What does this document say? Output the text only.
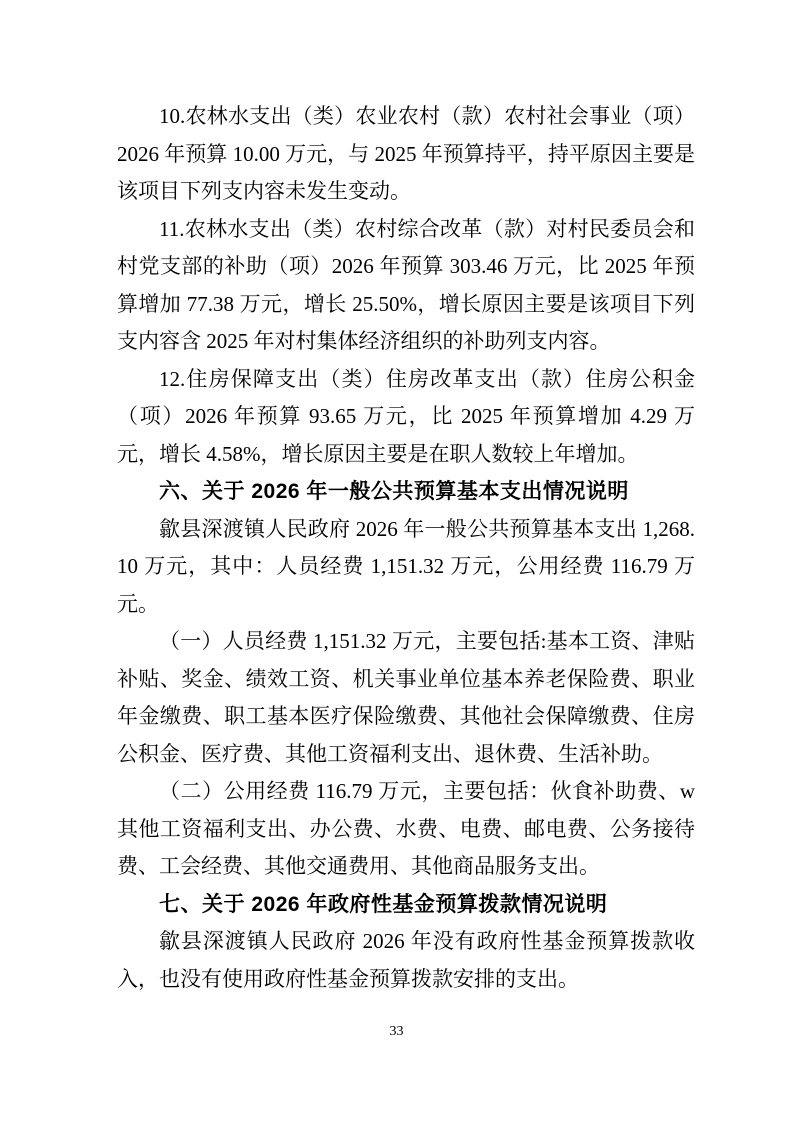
10.农林水支出（类）农业农村（款）农村社会事业（项）2026 年预算 10.00 万元，与 2025 年预算持平，持平原因主要是该项目下列支内容未发生变动。

11.农林水支出（类）农村综合改革（款）对村民委员会和村党支部的补助（项）2026 年预算 303.46 万元，比 2025 年预算增加 77.38 万元，增长 25.50%，增长原因主要是该项目下列支内容含 2025 年对村集体经济组织的补助列支内容。

12.住房保障支出（类）住房改革支出（款）住房公积金（项）2026 年预算 93.65 万元，比 2025 年预算增加 4.29 万元，增长 4.58%，增长原因主要是在职人数较上年增加。

六、关于 2026 年一般公共预算基本支出情况说明

歙县深渡镇人民政府 2026 年一般公共预算基本支出 1,268.10 万元，其中：人员经费 1,151.32 万元，公用经费 116.79 万元。

（一）人员经费 1,151.32 万元，主要包括:基本工资、津贴补贴、奖金、绩效工资、机关事业单位基本养老保险费、职业年金缴费、职工基本医疗保险缴费、其他社会保障缴费、住房公积金、医疗费、其他工资福利支出、退休费、生活补助。

（二）公用经费 116.79 万元，主要包括：伙食补助费、w其他工资福利支出、办公费、水费、电费、邮电费、公务接待费、工会经费、其他交通费用、其他商品服务支出。

七、关于 2026 年政府性基金预算拨款情况说明

歙县深渡镇人民政府 2026 年没有政府性基金预算拨款收入，也没有使用政府性基金预算拨款安排的支出。

33
